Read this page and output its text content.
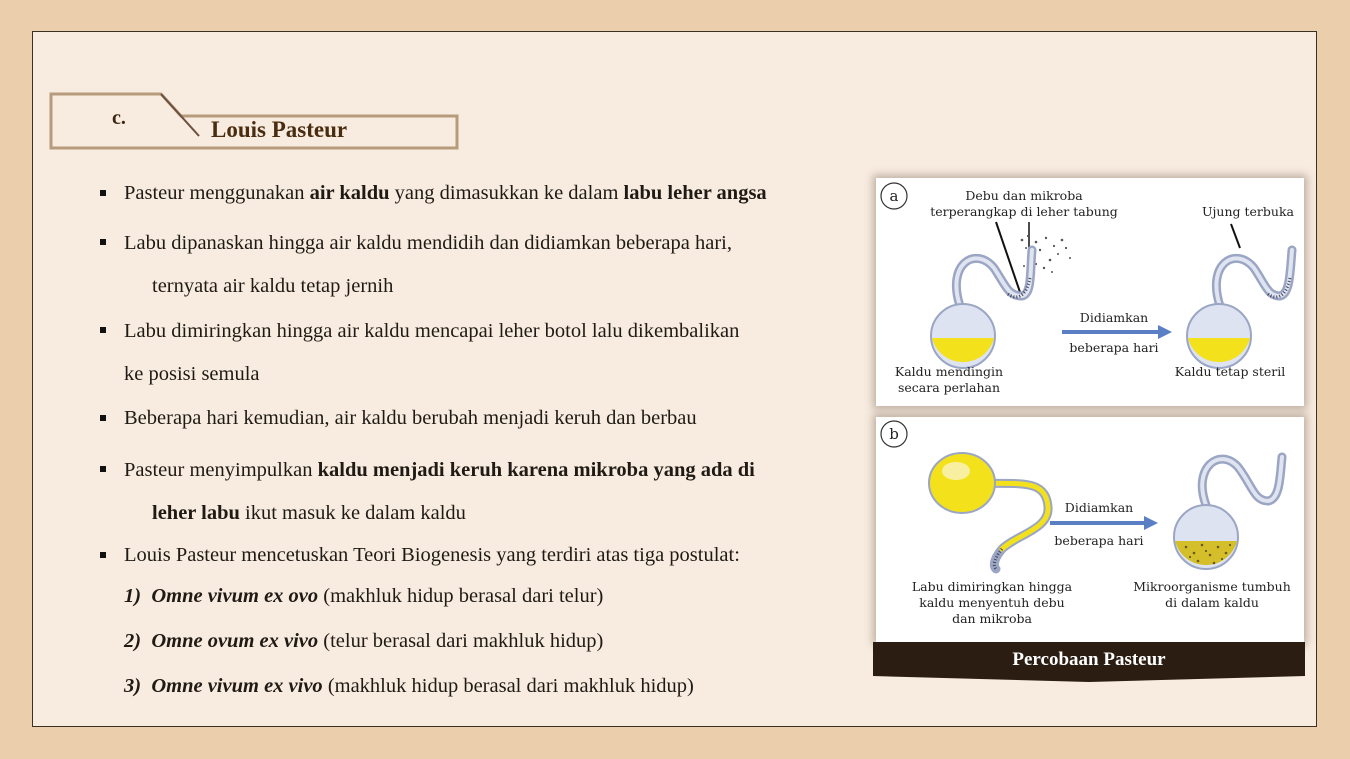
c.	Louis Pasteur
Pasteur menggunakan air kaldu yang dimasukkan ke dalam labu leher angsa
Labu dipanaskan hingga air kaldu mendidih dan didiamkan beberapa hari,
ternyata air kaldu tetap jernih
Labu dimiringkan hingga air kaldu mencapai leher botol lalu dikembalikan
ke posisi semula
Beberapa hari kemudian, air kaldu berubah menjadi keruh dan berbau
Pasteur menyimpulkan kaldu menjadi keruh karena mikroba yang ada di
leher labu ikut masuk ke dalam kaldu
Louis Pasteur mencetuskan Teori Biogenesis yang terdiri atas tiga postulat:
1) Omne vivum ex ovo (makhluk hidup berasal dari telur)
2) Omne ovum ex vivo (telur berasal dari makhluk hidup)
3) Omne vivum ex vivo (makhluk hidup berasal dari makhluk hidup)
a	Debu dan mikroba
terperangkap di leher tabung	Ujung terbuka
Didiamkan
beberapa hari
Kaldu mendingin
secara perlahan
Kaldu tetap steril
b
Didiamkan
beberapa hari
Labu dimiringkan hingga
kaldu menyentuh debu
dan mikroba
Mikroorganisme tumbuh
di dalam kaldu
Percobaan Pasteur
